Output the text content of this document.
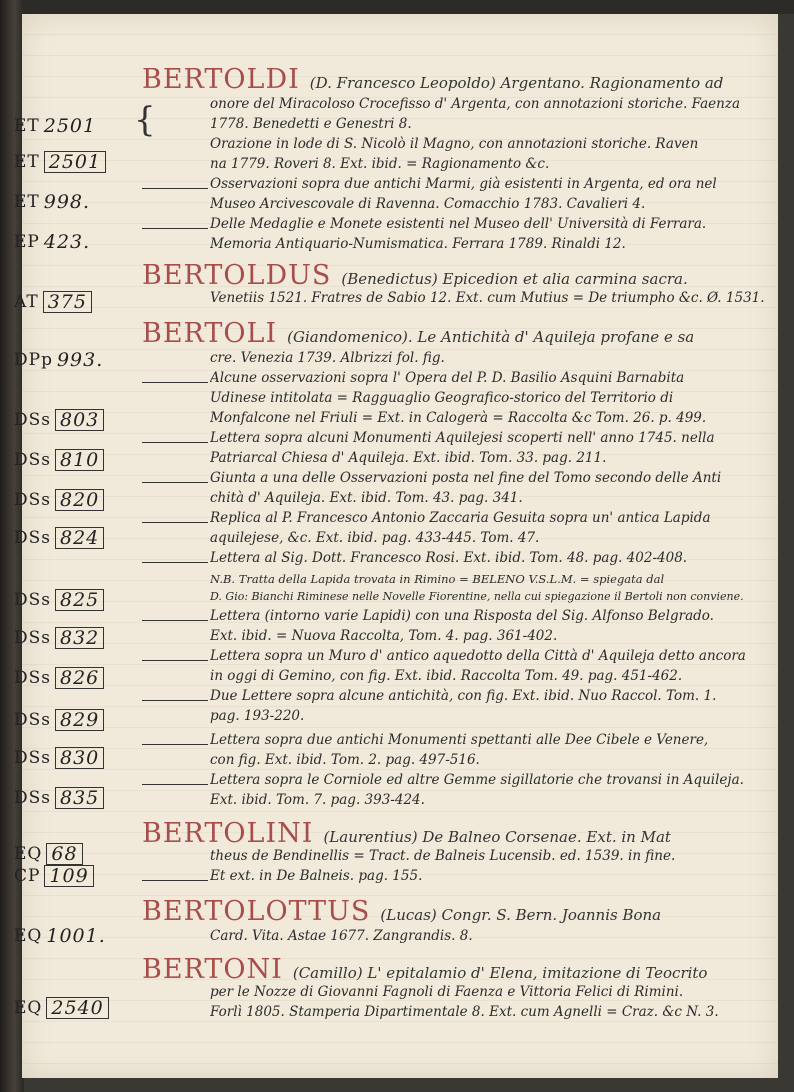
ET 2501
ET 2501
ET 998.
EP 423.
AT 375
DPp 993.
DSs 803
DSs 810
DSs 820
DSs 824
DSs 825
DSs 832
DSs 826
DSs 829
DSs 830
DSs 835
EQ 68
CP 109
EQ 1001.
EQ 2540
{
BERTOLDI (D. Francesco Leopoldo) Argentano. Ragionamento ad
onore del Miracoloso Crocefisso d' Argenta, con annotazioni storiche. Faenza
1778. Benedetti e Genestri 8.
Orazione in lode di S. Nicolò il Magno, con annotazioni storiche. Raven
na 1779. Roveri 8. Ext. ibid. = Ragionamento &c.
Osservazioni sopra due antichi Marmi, già esistenti in Argenta, ed ora nel
Museo Arcivescovale di Ravenna. Comacchio 1783. Cavalieri 4.
Delle Medaglie e Monete esistenti nel Museo dell' Università di Ferrara.
Memoria Antiquario-Numismatica. Ferrara 1789. Rinaldi 12.
BERTOLDUS (Benedictus) Epicedion et alia carmina sacra.
Venetiis 1521. Fratres de Sabio 12. Ext. cum Mutius = De triumpho &c. Ø. 1531.
BERTOLI (Giandomenico). Le Antichità d' Aquileja profane e sa
cre. Venezia 1739. Albrizzi fol. fig.
Alcune osservazioni sopra l' Opera del P. D. Basilio Asquini Barnabita
Udinese intitolata = Ragguaglio Geografico-storico del Territorio di
Monfalcone nel Friuli = Ext. in Calogerà = Raccolta &c Tom. 26. p. 499.
Lettera sopra alcuni Monumenti Aquilejesi scoperti nell' anno 1745. nella
Patriarcal Chiesa d' Aquileja. Ext. ibid. Tom. 33. pag. 211.
Giunta a una delle Osservazioni posta nel fine del Tomo secondo delle Anti
chità d' Aquileja. Ext. ibid. Tom. 43. pag. 341.
Replica al P. Francesco Antonio Zaccaria Gesuita sopra un' antica Lapida
aquilejese, &c. Ext. ibid. pag. 433-445. Tom. 47.
Lettera al Sig. Dott. Francesco Rosi. Ext. ibid. Tom. 48. pag. 402-408.
N.B. Tratta della Lapida trovata in Rimino = BELENO V.S.L.M. = spiegata dal
D. Gio: Bianchi Riminese nelle Novelle Fiorentine, nella cui spiegazione il Bertoli non conviene.
Lettera (intorno varie Lapidi) con una Risposta del Sig. Alfonso Belgrado.
Ext. ibid. = Nuova Raccolta, Tom. 4. pag. 361-402.
Lettera sopra un Muro d' antico aquedotto della Città d' Aquileja detto ancora
in oggi di Gemino, con fig. Ext. ibid. Raccolta Tom. 49. pag. 451-462.
Due Lettere sopra alcune antichità, con fig. Ext. ibid. Nuo Raccol. Tom. 1.
pag. 193-220.
Lettera sopra due antichi Monumenti spettanti alle Dee Cibele e Venere,
con fig. Ext. ibid. Tom. 2. pag. 497-516.
Lettera sopra le Corniole ed altre Gemme sigillatorie che trovansi in Aquileja.
Ext. ibid. Tom. 7. pag. 393-424.
BERTOLINI (Laurentius) De Balneo Corsenae. Ext. in Mat
theus de Bendinellis = Tract. de Balneis Lucensib. ed. 1539. in fine.
Et ext. in De Balneis. pag. 155.
BERTOLOTTUS (Lucas) Congr. S. Bern. Joannis Bona
Card. Vita. Astae 1677. Zangrandis. 8.
BERTONI (Camillo) L' epitalamio d' Elena, imitazione di Teocrito
per le Nozze di Giovanni Fagnoli di Faenza e Vittoria Felici di Rimini.
Forlì 1805. Stamperia Dipartimentale 8. Ext. cum Agnelli = Craz. &c N. 3.
